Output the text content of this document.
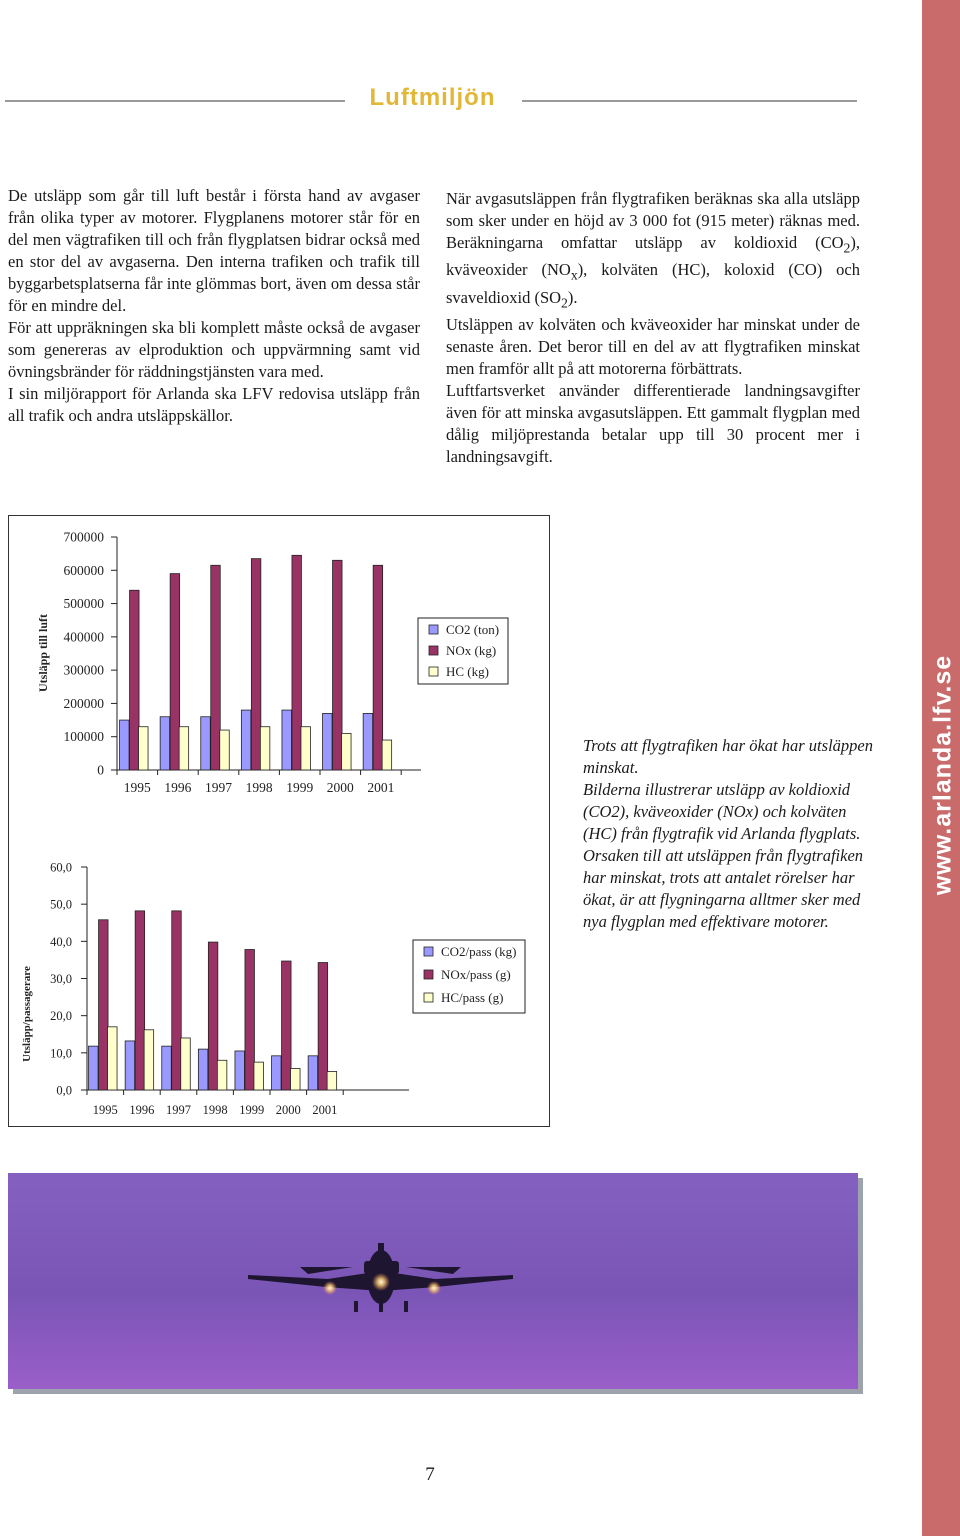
www.arlanda.lfv.se
Luftmiljön

De utsläpp som går till luft består i första hand av avgaser från olika typer av motorer. Flygplanens motorer står för en del men vägtrafiken till och från flygplatsen bidrar också med en stor del av avgaserna. Den interna trafiken och trafik till byggarbetsplatserna får inte glömmas bort, även om dessa står för en mindre del.

För att uppräkningen ska bli komplett måste också de avgaser som genereras av elproduktion och uppvärmning samt vid övningsbränder för räddningstjänsten vara med.

I sin miljörapport för Arlanda ska LFV redovisa utsläpp från all trafik och andra utsläppskällor.

När avgasutsläppen från flygtrafiken beräknas ska alla utsläpp som sker under en höjd av 3 000 fot (915 meter) räknas med. Beräkningarna omfattar utsläpp av koldioxid $(CO_2)$, kväveoxider $(NO_x)$, kolväten (HC), koloxid (CO) och svaveldioxid $(SO_2)$.

Utsläppen av kolväten och kväveoxider har minskat under de senaste åren. Det beror till en del av att flygtrafiken minskat men framför allt på att motorerna förbättrats.

Luftfartsverket använder differentierade landningsavgifter även för att minska avgasutsläppen. Ett gammalt flygplan med dålig miljöprestanda betalar upp till 30 procent mer i landningsavgift.

0
100000
200000
300000
400000
500000
600000
700000
1995 1996 1997 1998 1999 2000 2001
Utsläpp till luft	CO2 (ton)
NOx (kg)
HC (kg)
0,0
10,0
20,0
30,0
40,0
50,0
60,0
1995 1996 1997 1998 1999 2000 2001
Utsläpp/passagerare
CO2/pass (kg)
NOx/pass (g)
HC/pass (g)

Trots att flygtrafiken har ökat har utsläppen minskat.

Bilderna illustrerar utsläpp av koldioxid (CO2), kväveoxider (NOx) och kolväten (HC) från flygtrafik vid Arlanda flygplats.

Orsaken till att utsläppen från flygtrafiken har minskat, trots att antalet rörelser har ökat, är att flygningarna alltmer sker med nya flygplan med effektivare motorer.

7
